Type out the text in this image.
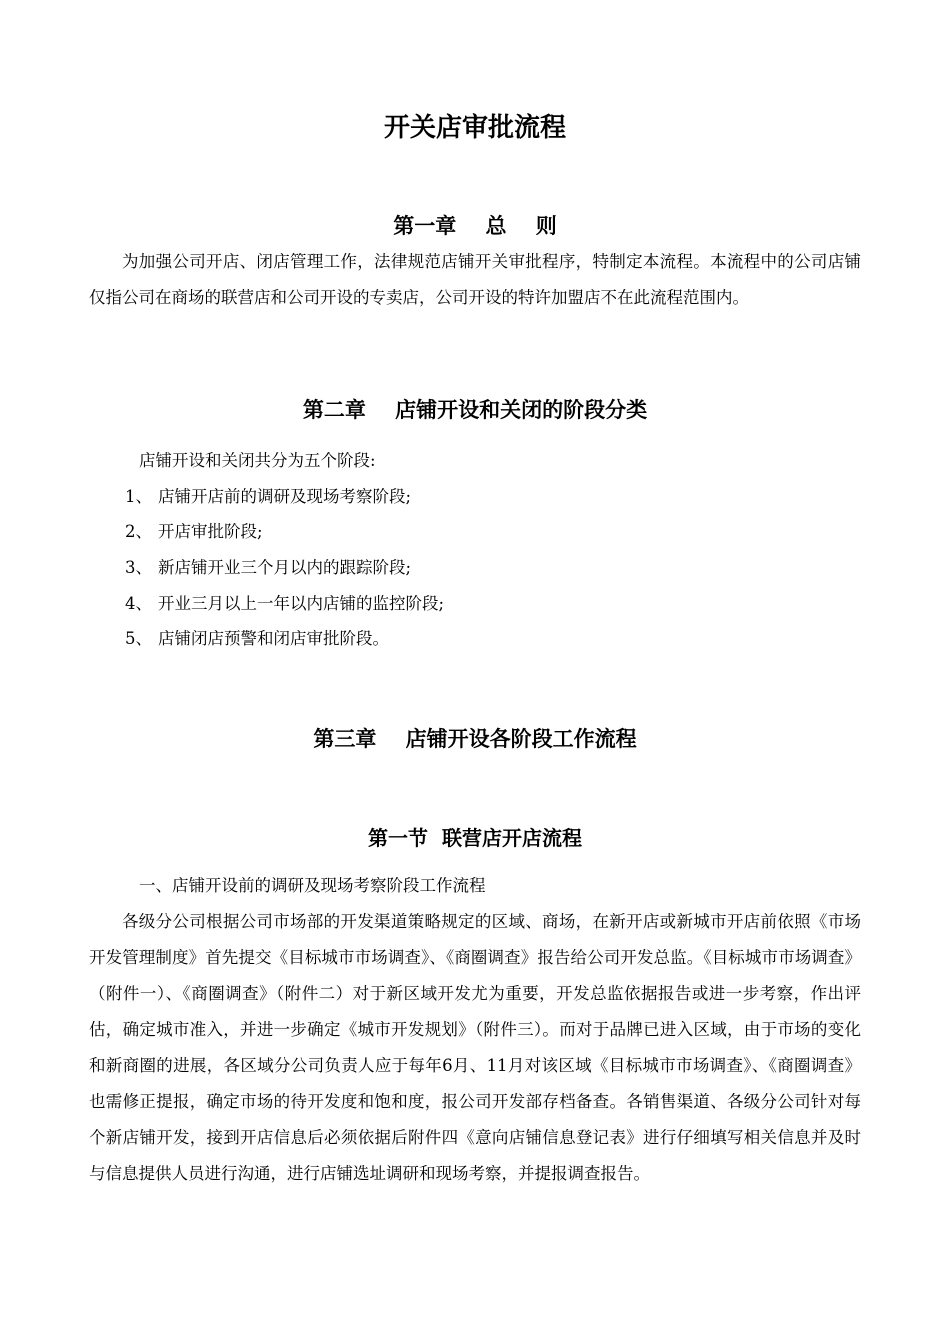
开关店审批流程
第一章    总    则
为加强公司开店、闭店管理工作，法律规范店铺开关审批程序，特制定本流程。本流程中的公司店铺仅指公司在商场的联营店和公司开设的专卖店，公司开设的特许加盟店不在此流程范围内。
第二章    店铺开设和关闭的阶段分类
店铺开设和关闭共分为五个阶段:
1、 店铺开店前的调研及现场考察阶段;
2、 开店审批阶段;
3、 新店铺开业三个月以内的跟踪阶段;
4、 开业三月以上一年以内店铺的监控阶段;
5、 店铺闭店预警和闭店审批阶段。
第三章    店铺开设各阶段工作流程
第一节  联营店开店流程
一、店铺开设前的调研及现场考察阶段工作流程
各级分公司根据公司市场部的开发渠道策略规定的区域、商场，在新开店或新城市开店前依照《市场开发管理制度》首先提交《目标城市市场调查》、《商圈调查》报告给公司开发总监。《目标城市市场调查》（附件一）、《商圈调查》（附件二）对于新区域开发尤为重要，开发总监依据报告或进一步考察，作出评估，确定城市准入，并进一步确定《城市开发规划》（附件三）。而对于品牌已进入区域，由于市场的变化和新商圈的进展，各区域分公司负责人应于每年6月、11月对该区域《目标城市市场调查》、《商圈调查》也需修正提报，确定市场的待开发度和饱和度，报公司开发部存档备查。各销售渠道、各级分公司针对每个新店铺开发，接到开店信息后必须依据后附件四《意向店铺信息登记表》进行仔细填写相关信息并及时与信息提供人员进行沟通，进行店铺选址调研和现场考察，并提报调查报告。
